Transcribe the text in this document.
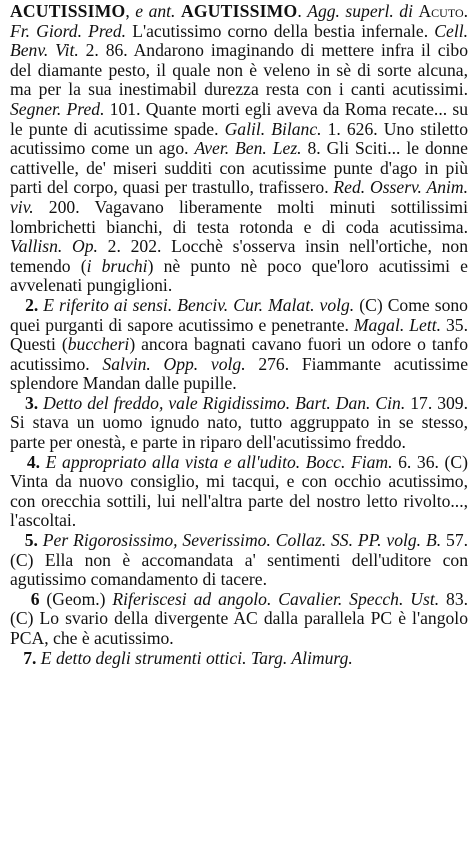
ACUTISSIMO, e ant. AGUTISSIMO. Agg. superl. di Acuto. Fr. Giord. Pred. L'acutissimo corno della bestia infernale. Cell. Benv. Vit. 2. 86. Andarono imaginando di mettere infra il cibo del diamante pesto, il quale non è veleno in sè di sorte alcuna, ma per la sua inestimabil durezza resta con i canti acutissimi. Segner. Pred. 101. Quante morti egli aveva da Roma recate... su le punte di acutissime spade. Galil. Bilanc. 1. 626. Uno stiletto acutissimo come un ago. Aver. Ben. Lez. 8. Gli Sciti... le donne cattivelle, de' miseri sudditi con acutissime punte d'ago in più parti del corpo, quasi per trastullo, trafissero. Red. Osserv. Anim. viv. 200. Vagavano liberamente molti minuti sottilissimi lombrichetti bianchi, di testa rotonda e di coda acutissima. Vallisn. Op. 2. 202. Locchè s'osserva insin nell'ortiche, non temendo (i bruchi) nè punto nè poco que'loro acutissimi e avvelenati pungiglioni.

2. E riferito ai sensi. Benciv. Cur. Malat. volg. (C) Come sono quei purganti di sapore acutissimo e penetrante. Magal. Lett. 35. Questi (buccheri) ancora bagnati cavano fuori un odore o tanfo acutissimo. Salvin. Opp. volg. 276. Fiammante acutissime splendore Mandan dalle pupille.

3. Detto del freddo, vale Rigidissimo. Bart. Dan. Cin. 17. 309. Si stava un uomo ignudo nato, tutto aggruppato in se stesso, parte per onestà, e parte in riparo dell'acutissimo freddo.

4. E appropriato alla vista e all'udito. Bocc. Fiam. 6. 36. (C) Vinta da nuovo consiglio, mi tacqui, e con occhio acutissimo, con orecchia sottili, lui nell'altra parte del nostro letto rivolto..., l'ascoltai.

5. Per Rigorosissimo, Severissimo. Collaz. SS. PP. volg. B. 57. (C) Ella non è accomandata a' sentimenti dell'uditore con agutissimo comandamento di tacere.

6 (Geom.) Riferiscesi ad angolo. Cavalier. Specch. Ust. 83. (C) Lo svario della divergente AC dalla parallela PC è l'angolo PCA, che è acutissimo.

7. E detto degli strumenti ottici. Targ. Alimurg.
